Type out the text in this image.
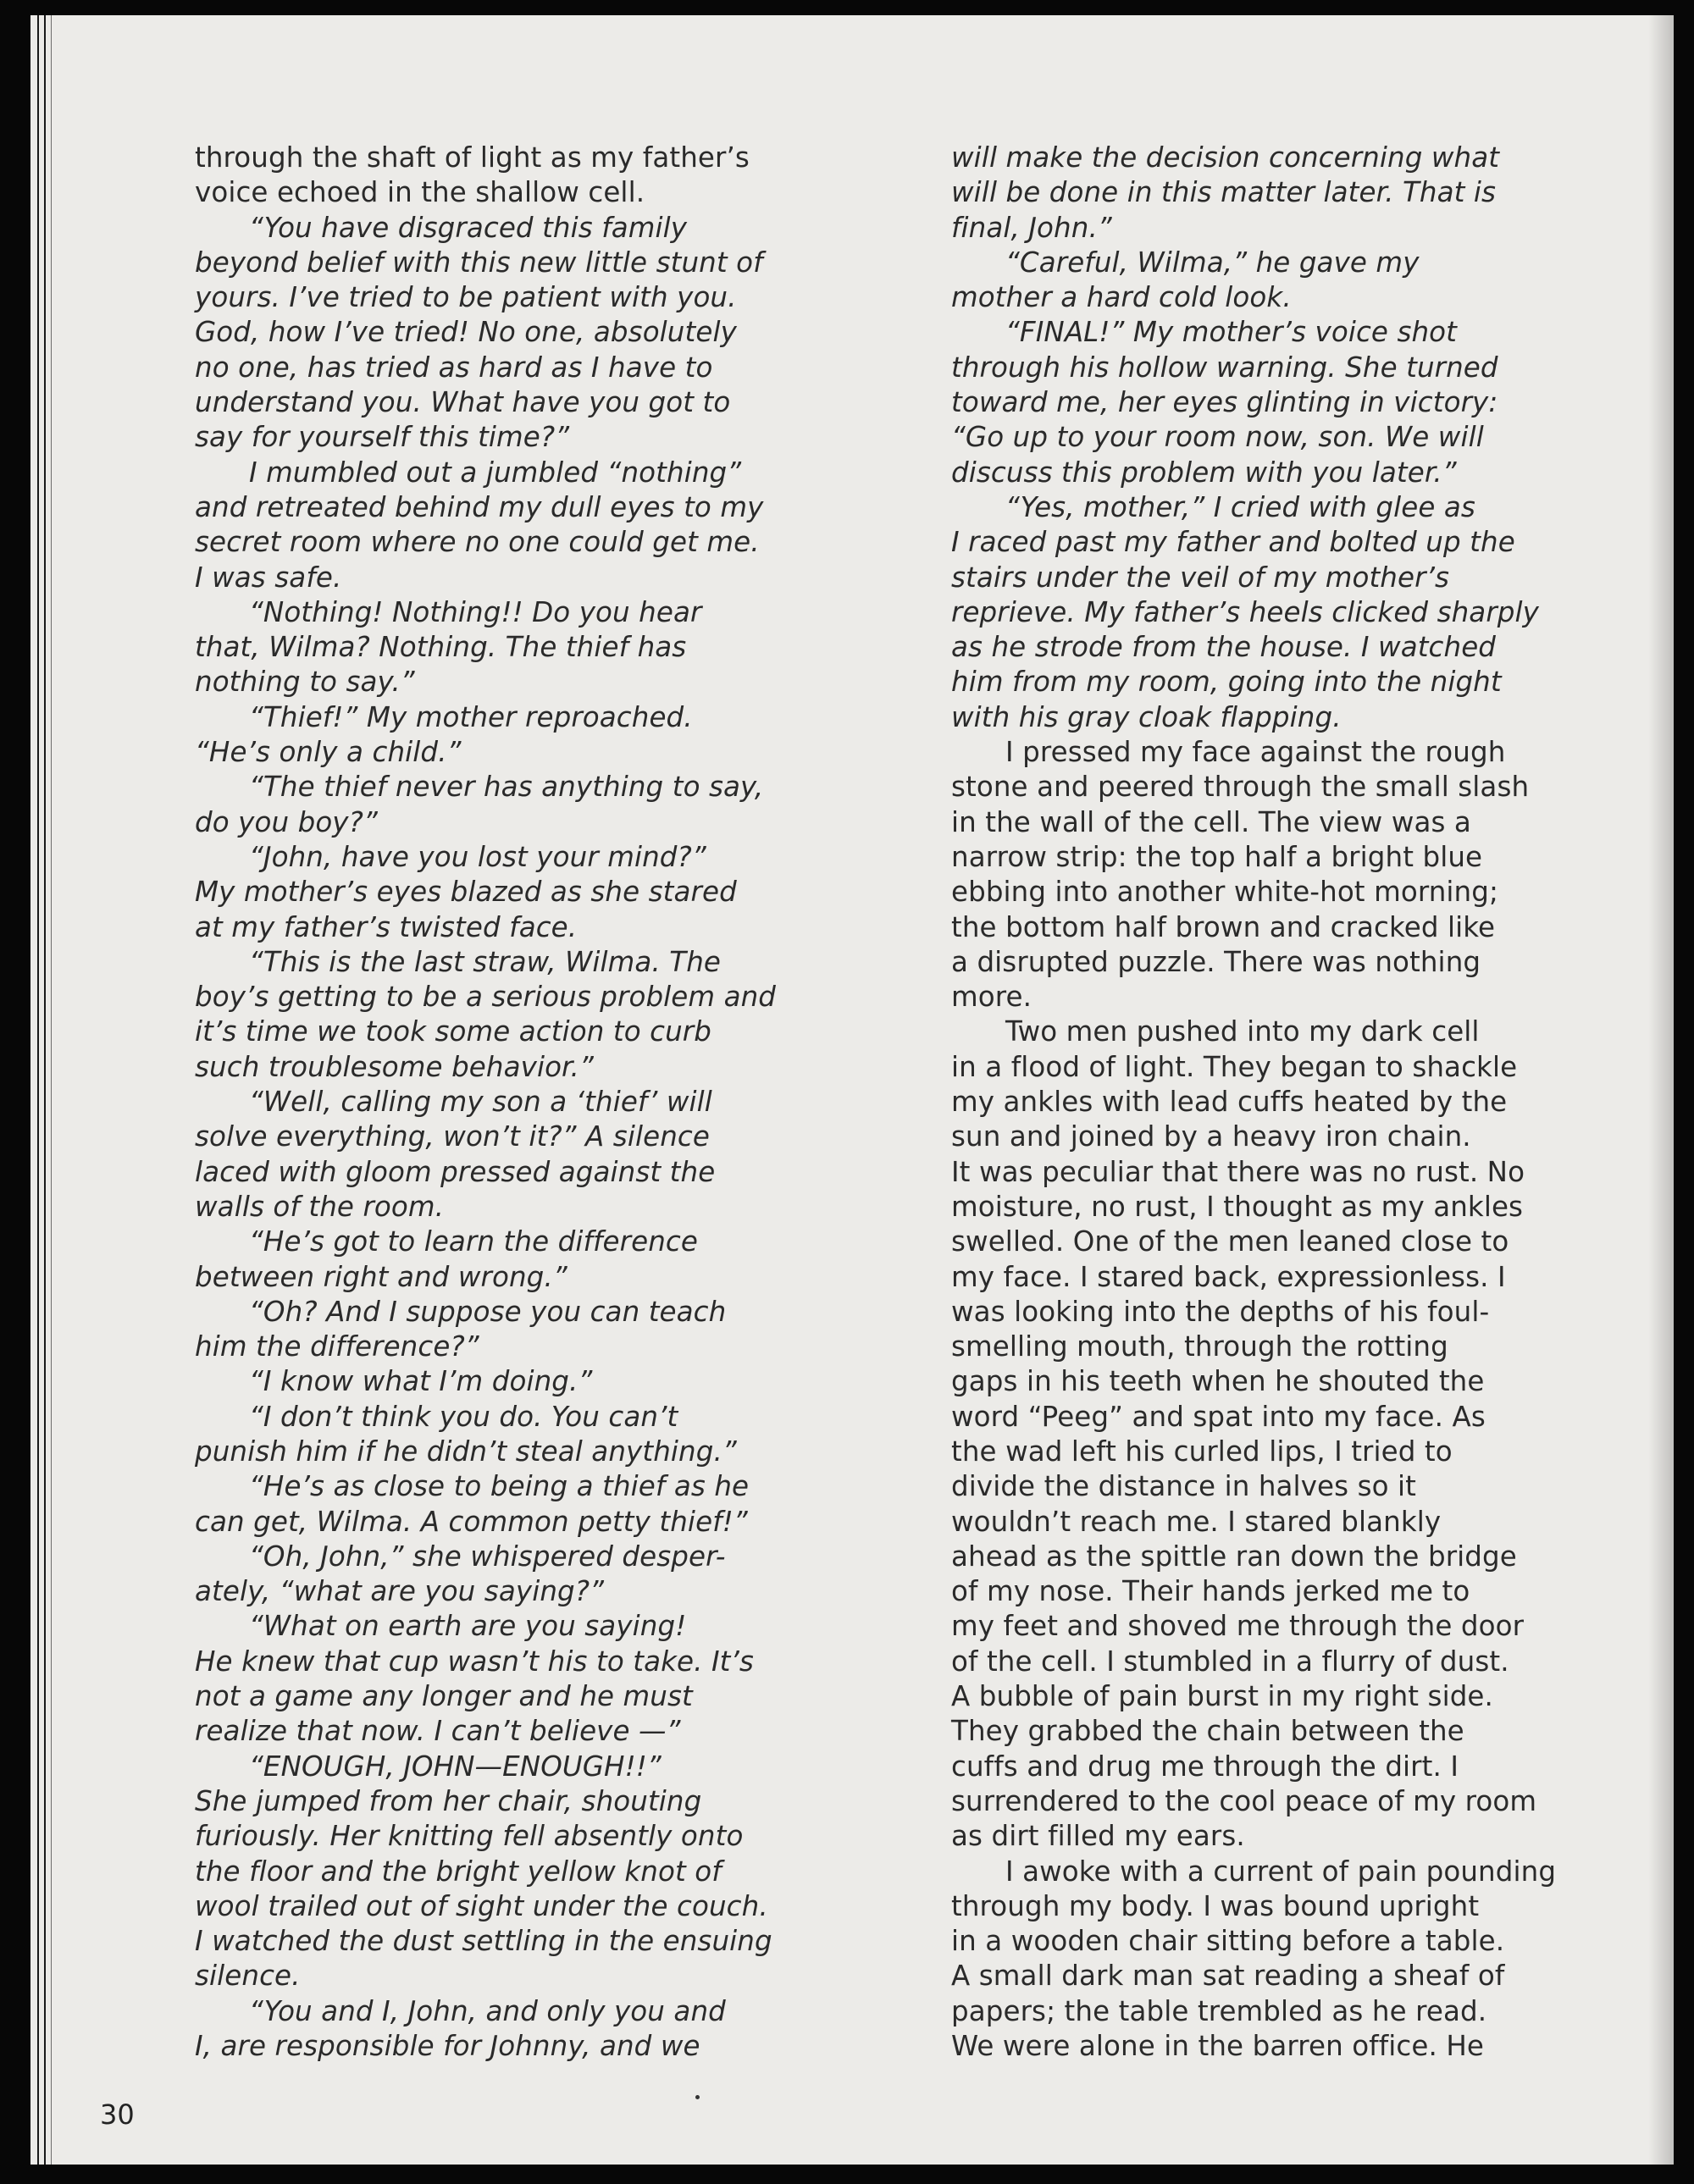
through the shaft of light as my father’s
voice echoed in the shallow cell.
“You have disgraced this family
beyond belief with this new little stunt of
yours. I’ve tried to be patient with you.
God, how I’ve tried! No one, absolutely
no one, has tried as hard as I have to
understand you. What have you got to
say for yourself this time?”
I mumbled out a jumbled “nothing”
and retreated behind my dull eyes to my
secret room where no one could get me.
I was safe.
“Nothing! Nothing!! Do you hear
that, Wilma? Nothing. The thief has
nothing to say.”
“Thief!” My mother reproached.
“He’s only a child.”
“The thief never has anything to say,
do you boy?”
“John, have you lost your mind?”
My mother’s eyes blazed as she stared
at my father’s twisted face.
“This is the last straw, Wilma. The
boy’s getting to be a serious problem and
it’s time we took some action to curb
such troublesome behavior.”
“Well, calling my son a ‘thief’ will
solve everything, won’t it?” A silence
laced with gloom pressed against the
walls of the room.
“He’s got to learn the difference
between right and wrong.”
“Oh? And I suppose you can teach
him the difference?”
“I know what I’m doing.”
“I don’t think you do. You can’t
punish him if he didn’t steal anything.”
“He’s as close to being a thief as he
can get, Wilma. A common petty thief!”
“Oh, John,” she whispered desper-
ately, “what are you saying?”
“What on earth are you saying!
He knew that cup wasn’t his to take. It’s
not a game any longer and he must
realize that now. I can’t believe —”
“ENOUGH, JOHN—ENOUGH!!”
She jumped from her chair, shouting
furiously. Her knitting fell absently onto
the floor and the bright yellow knot of
wool trailed out of sight under the couch.
I watched the dust settling in the ensuing
silence.
“You and I, John, and only you and
I, are responsible for Johnny, and we
will make the decision concerning what
will be done in this matter later. That is
final, John.”
“Careful, Wilma,” he gave my
mother a hard cold look.
“FINAL!” My mother’s voice shot
through his hollow warning. She turned
toward me, her eyes glinting in victory:
“Go up to your room now, son. We will
discuss this problem with you later.”
“Yes, mother,” I cried with glee as
I raced past my father and bolted up the
stairs under the veil of my mother’s
reprieve. My father’s heels clicked sharply
as he strode from the house. I watched
him from my room, going into the night
with his gray cloak flapping.
I pressed my face against the rough
stone and peered through the small slash
in the wall of the cell. The view was a
narrow strip: the top half a bright blue
ebbing into another white-hot morning;
the bottom half brown and cracked like
a disrupted puzzle. There was nothing
more.
Two men pushed into my dark cell
in a flood of light. They began to shackle
my ankles with lead cuffs heated by the
sun and joined by a heavy iron chain.
It was peculiar that there was no rust. No
moisture, no rust, I thought as my ankles
swelled. One of the men leaned close to
my face. I stared back, expressionless. I
was looking into the depths of his foul-
smelling mouth, through the rotting
gaps in his teeth when he shouted the
word “Peeg” and spat into my face. As
the wad left his curled lips, I tried to
divide the distance in halves so it
wouldn’t reach me. I stared blankly
ahead as the spittle ran down the bridge
of my nose. Their hands jerked me to
my feet and shoved me through the door
of the cell. I stumbled in a flurry of dust.
A bubble of pain burst in my right side.
They grabbed the chain between the
cuffs and drug me through the dirt. I
surrendered to the cool peace of my room
as dirt filled my ears.
I awoke with a current of pain pounding
through my body. I was bound upright
in a wooden chair sitting before a table.
A small dark man sat reading a sheaf of
papers; the table trembled as he read.
We were alone in the barren office. He
30
